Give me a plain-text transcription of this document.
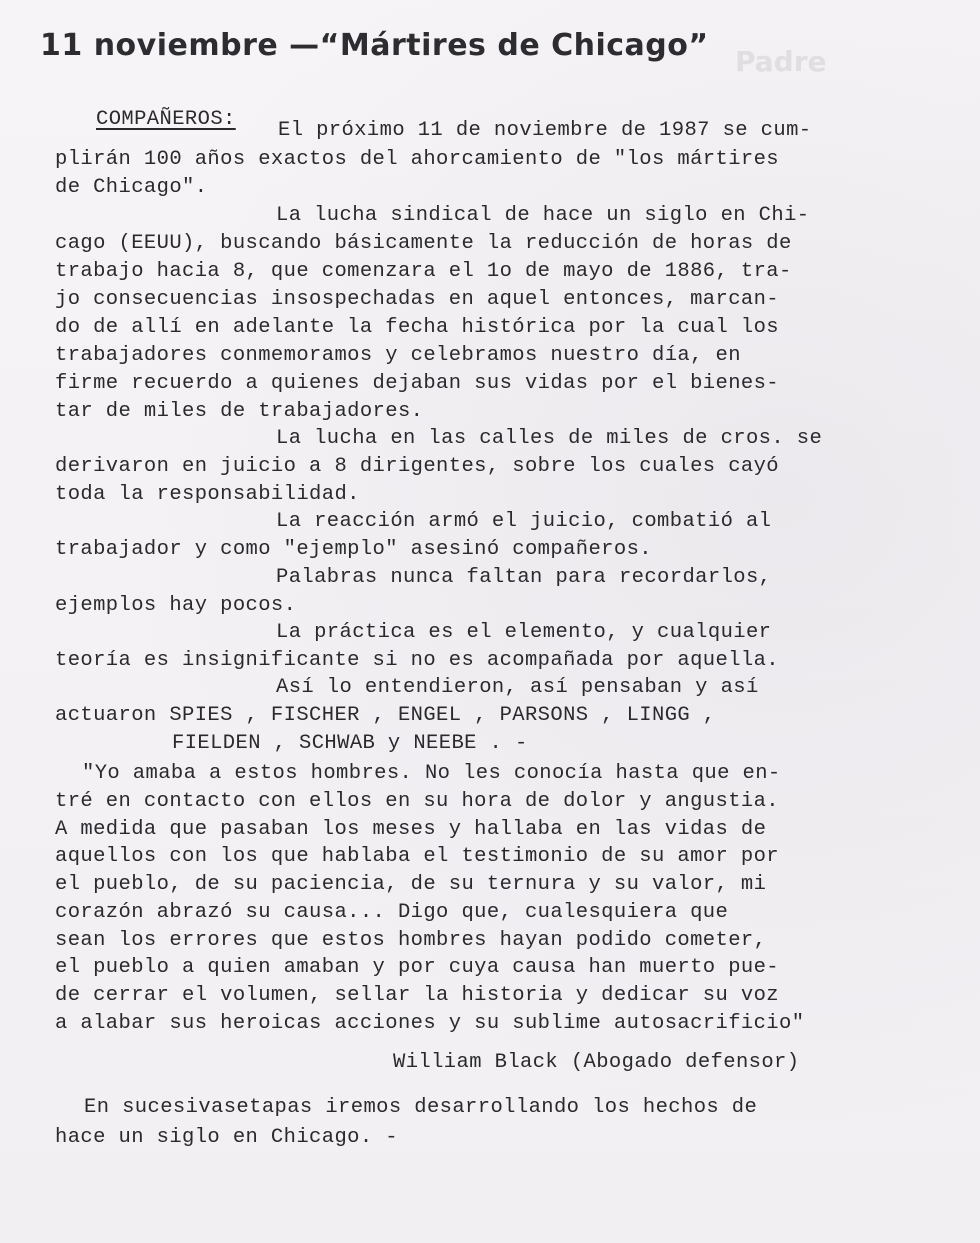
Padre
11 noviembre —“Mártires de Chicago”
COMPAÑEROS: El próximo 11 de noviembre de 1987 se cum-
plirán 100 años exactos del ahorcamiento de "los mártires
de Chicago".
La lucha sindical de hace un siglo en Chi-
cago (EEUU), buscando básicamente la reducción de horas de
trabajo hacia 8, que comenzara el 1o de mayo de 1886, tra-
jo consecuencias insospechadas en aquel entonces, marcan-
do de allí en adelante la fecha histórica por la cual los
trabajadores conmemoramos y celebramos nuestro día, en
firme recuerdo a quienes dejaban sus vidas por el bienes-
tar de miles de trabajadores.
La lucha en las calles de miles de cros. se
derivaron en juicio a 8 dirigentes, sobre los cuales cayó
toda la responsabilidad.
La reacción armó el juicio, combatió al
trabajador y como "ejemplo" asesinó compañeros.
Palabras nunca faltan para recordarlos,
ejemplos hay pocos.
La práctica es el elemento, y cualquier
teoría es insignificante si no es acompañada por aquella.
Así lo entendieron, así pensaban y así
actuaron SPIES , FISCHER , ENGEL , PARSONS , LINGG ,
FIELDEN , SCHWAB y NEEBE . -
"Yo amaba a estos hombres. No les conocía hasta que en-
tré en contacto con ellos en su hora de dolor y angustia.
A medida que pasaban los meses y hallaba en las vidas de
aquellos con los que hablaba el testimonio de su amor por
el pueblo, de su paciencia, de su ternura y su valor, mi
corazón abrazó su causa... Digo que, cualesquiera que
sean los errores que estos hombres hayan podido cometer,
el pueblo a quien amaban y por cuya causa han muerto pue-
de cerrar el volumen, sellar la historia y dedicar su voz
a alabar sus heroicas acciones y su sublime autosacrificio"
William Black (Abogado defensor)
En sucesivasetapas iremos desarrollando los hechos de
hace un siglo en Chicago. -
